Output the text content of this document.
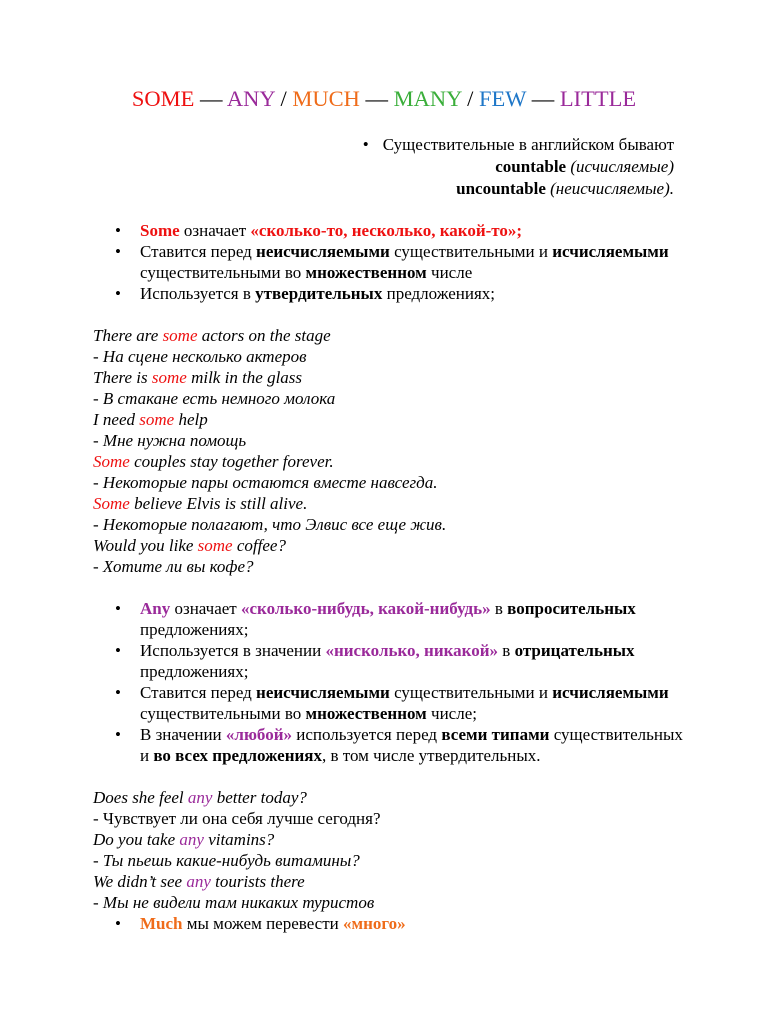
SOME — ANY / MUCH — MANY / FEW — LITTLE
• Существительные в английском бывают
countable (исчисляемые)
uncountable (неисчисляемые).
• Some означает «сколько-то, несколько, какой-то»;
• Ставится перед неисчисляемыми существительными и исчисляемыми существительными во множественном числе
• Используется в утвердительных предложениях;
There are some actors on the stage
- На сцене несколько актеров
There is some milk in the glass
- В стакане есть немного молока
I need some help
- Мне нужна помощь
Some couples stay together forever.
- Некоторые пары остаются вместе навсегда.
Some believe Elvis is still alive.
- Некоторые полагают, что Элвис все еще жив.
Would you like some coffee?
- Хотите ли вы кофе?
• Any означает «сколько-нибудь, какой-нибудь» в вопросительных предложениях;
• Используется в значении «нисколько, никакой» в отрицательных предложениях;
• Ставится перед неисчисляемыми существительными и исчисляемыми существительными во множественном числе;
• В значении «любой» используется перед всеми типами существительных и во всех предложениях, в том числе утвердительных.
Does she feel any better today?
- Чувствует ли она себя лучше сегодня?
Do you take any vitamins?
- Ты пьешь какие-нибудь витамины?
We didn’t see any tourists there
- Мы не видели там никаких туристов
• Much мы можем перевести «много»
